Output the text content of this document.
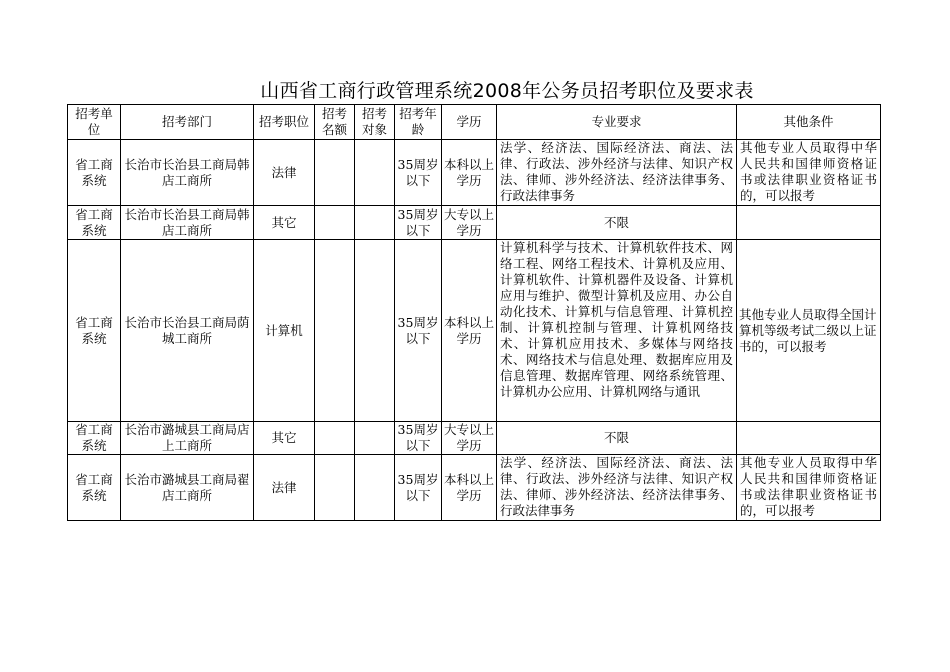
山西省工商行政管理系统2008年公务员招考职位及要求表
招考单位	招考部门	招考职位	招考名额	招考对象	招考年龄	学历	专业要求	其他条件
省工商系统	长治市长治县工商局韩店工商所	法律			35周岁以下	本科以上学历	法学、经济法、国际经济法、商法、法律、行政法、涉外经济与法律、知识产权法、律师、涉外经济法、经济法律事务、行政法律事务	其他专业人员取得中华人民共和国律师资格证书或法律职业资格证书的，可以报考
省工商系统	长治市长治县工商局韩店工商所	其它			35周岁以下	大专以上学历	不限	
省工商系统	长治市长治县工商局荫城工商所	计算机			35周岁以下	本科以上学历	计算机科学与技术、计算机软件技术、网络工程、网络工程技术、计算机及应用、计算机软件、计算机器件及设备、计算机应用与维护、微型计算机及应用、办公自动化技术、计算机与信息管理、计算机控制、计算机控制与管理、计算机网络技术、计算机应用技术、多媒体与网络技术、网络技术与信息处理、数据库应用及信息管理、数据库管理、网络系统管理、计算机办公应用、计算机网络与通讯	其他专业人员取得全国计算机等级考试二级以上证书的，可以报考
省工商系统	长治市潞城县工商局店上工商所	其它			35周岁以下	大专以上学历	不限	
省工商系统	长治市潞城县工商局翟店工商所	法律			35周岁以下	本科以上学历	法学、经济法、国际经济法、商法、法律、行政法、涉外经济与法律、知识产权法、律师、涉外经济法、经济法律事务、行政法律事务	其他专业人员取得中华人民共和国律师资格证书或法律职业资格证书的，可以报考
